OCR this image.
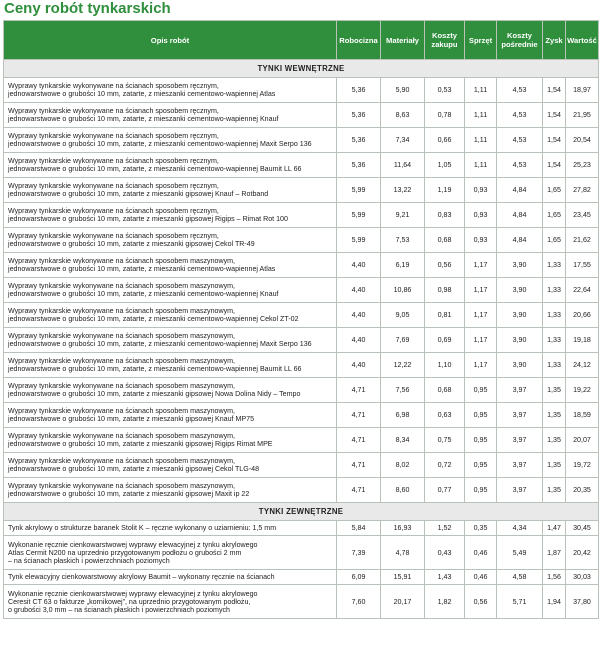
Ceny robót tynkarskich
Opis robót	Robocizna	Materiały	Koszty zakupu	Sprzęt	Koszty pośrednie	Zysk	Wartość
TYNKI WEWNĘTRZNE							

Wyprawy tynkarskie wykonywane na ścianach sposobem ręcznym,
jednowarstwowe o grubości 10 mm, zatarte, z mieszanki cementowo-wapiennej Atlas	5,36	5,90	0,53	1,11	4,53	1,54	18,97

Wyprawy tynkarskie wykonywane na ścianach sposobem ręcznym,
jednowarstwowe o grubości 10 mm, zatarte, z mieszanki cementowo-wapiennej Knauf	5,36	8,63	0,78	1,11	4,53	1,54	21,95

Wyprawy tynkarskie wykonywane na ścianach sposobem ręcznym,
jednowarstwowe o grubości 10 mm, zatarte, z mieszanki cementowo-wapiennej Maxit Serpo 136	5,36	7,34	0,66	1,11	4,53	1,54	20,54

Wyprawy tynkarskie wykonywane na ścianach sposobem ręcznym,
jednowarstwowe o grubości 10 mm, zatarte, z mieszanki cementowo-wapiennej Baumit LL 66	5,36	11,64	1,05	1,11	4,53	1,54	25,23

Wyprawy tynkarskie wykonywane na ścianach sposobem ręcznym,
jednowarstwowe o grubości 10 mm, zatarte z mieszanki gipsowej Knauf – Rotband	5,99	13,22	1,19	0,93	4,84	1,65	27,82

Wyprawy tynkarskie wykonywane na ścianach sposobem ręcznym,
jednowarstwowe o grubości 10 mm, zatarte z mieszanki gipsowej Rigips – Rimat Rot 100	5,99	9,21	0,83	0,93	4,84	1,65	23,45

Wyprawy tynkarskie wykonywane na ścianach sposobem ręcznym,
jednowarstwowe o grubości 10 mm, zatarte z mieszanki gipsowej Cekol TR-49	5,99	7,53	0,68	0,93	4,84	1,65	21,62

Wyprawy tynkarskie wykonywane na ścianach sposobem maszynowym,
jednowarstwowe o grubości 10 mm, zatarte, z mieszanki cementowo-wapiennej Atlas	4,40	6,19	0,56	1,17	3,90	1,33	17,55

Wyprawy tynkarskie wykonywane na ścianach sposobem maszynowym,
jednowarstwowe o grubości 10 mm, zatarte, z mieszanki cementowo-wapiennej Knauf	4,40	10,86	0,98	1,17	3,90	1,33	22,64

Wyprawy tynkarskie wykonywane na ścianach sposobem maszynowym,
jednowarstwowe o grubości 10 mm, zatarte, z mieszanki cementowo-wapiennej Cekol ZT-02	4,40	9,05	0,81	1,17	3,90	1,33	20,66

Wyprawy tynkarskie wykonywane na ścianach sposobem maszynowym,
jednowarstwowe o grubości 10 mm, zatarte, z mieszanki cementowo-wapiennej Maxit Serpo 136	4,40	7,69	0,69	1,17	3,90	1,33	19,18

Wyprawy tynkarskie wykonywane na ścianach sposobem maszynowym,
jednowarstwowe o grubości 10 mm, zatarte, z mieszanki cementowo-wapiennej Baumit LL 66	4,40	12,22	1,10	1,17	3,90	1,33	24,12

Wyprawy tynkarskie wykonywane na ścianach sposobem maszynowym,
jednowarstwowe o grubości 10 mm, zatarte z mieszanki gipsowej Nowa Dolina Nidy – Tempo	4,71	7,56	0,68	0,95	3,97	1,35	19,22

Wyprawy tynkarskie wykonywane na ścianach sposobem maszynowym,
jednowarstwowe o grubości 10 mm, zatarte z mieszanki gipsowej Knauf MP75	4,71	6,98	0,63	0,95	3,97	1,35	18,59

Wyprawy tynkarskie wykonywane na ścianach sposobem maszynowym,
jednowarstwowe o grubości 10 mm, zatarte z mieszanki gipsowej Rigips Rimat MPE	4,71	8,34	0,75	0,95	3,97	1,35	20,07

Wyprawy tynkarskie wykonywane na ścianach sposobem maszynowym,
jednowarstwowe o grubości 10 mm, zatarte z mieszanki gipsowej Cekol TLG-48	4,71	8,02	0,72	0,95	3,97	1,35	19,72

Wyprawy tynkarskie wykonywane na ścianach sposobem maszynowym,
jednowarstwowe o grubości 10 mm, zatarte z mieszanki gipsowej Maxit ip 22	4,71	8,60	0,77	0,95	3,97	1,35	20,35
TYNKI ZEWNĘTRZNE							

Tynk akrylowy o strukturze baranek Stolit K – ręczne wykonany o uziarnieniu: 1,5 mm	5,84	16,93	1,52	0,35	4,34	1,47	30,45

Wykonanie ręcznie cienkowarstwowej wyprawy elewacyjnej z tynku akrylowego
Atlas Cermit N200 na uprzednio przygotowanym podłożu o grubości 2 mm
– na ścianach płaskich i powierzchniach poziomych	7,39	4,78	0,43	0,46	5,49	1,87	20,42

Tynk elewacyjny cienkowarstwowy akrylowy Baumit – wykonany ręcznie na ścianach	6,09	15,91	1,43	0,46	4,58	1,56	30,03

Wykonanie ręcznie cienkowarstwowej wyprawy elewacyjnej z tynku akrylowego
Ceresit CT 63 o fakturze „kornikowej”, na uprzednio przygotowanym podłożu,
o grubości 3,0 mm – na ścianach płaskich i powierzchniach poziomych	7,60	20,17	1,82	0,56	5,71	1,94	37,80
